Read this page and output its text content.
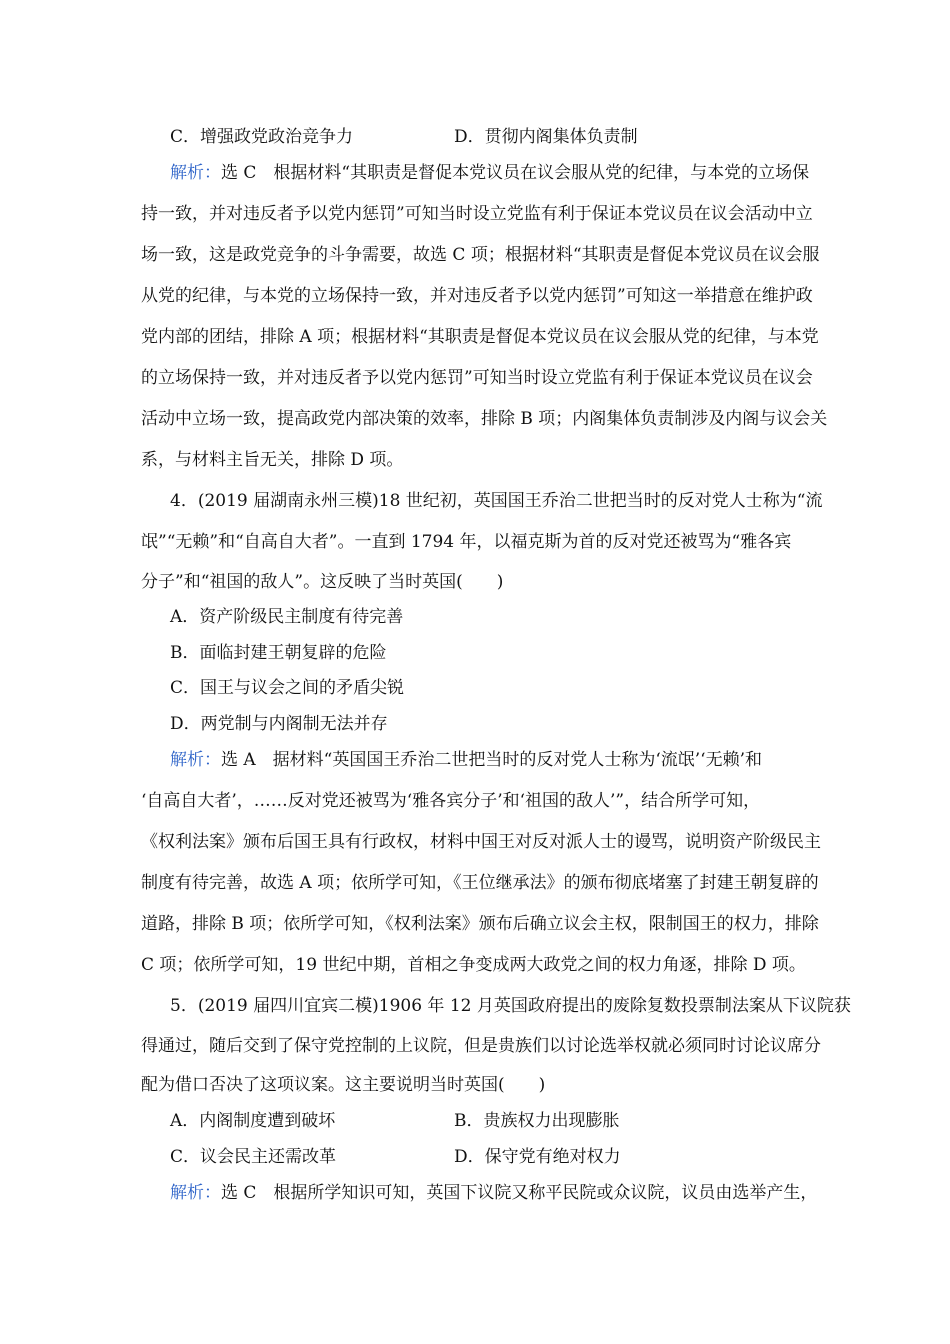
C．增强政党政治竞争力	D．贯彻内阁集体负责制
解析：选 C　根据材料“其职责是督促本党议员在议会服从党的纪律，与本党的立场保
持一致，并对违反者予以党内惩罚”可知当时设立党监有利于保证本党议员在议会活动中立
场一致，这是政党竞争的斗争需要，故选 C 项；根据材料“其职责是督促本党议员在议会服
从党的纪律，与本党的立场保持一致，并对违反者予以党内惩罚”可知这一举措意在维护政
党内部的团结，排除 A 项；根据材料“其职责是督促本党议员在议会服从党的纪律，与本党
的立场保持一致，并对违反者予以党内惩罚”可知当时设立党监有利于保证本党议员在议会
活动中立场一致，提高政党内部决策的效率，排除 B 项；内阁集体负责制涉及内阁与议会关
系，与材料主旨无关，排除 D 项。
4．(2019 届湖南永州三模)18 世纪初，英国国王乔治二世把当时的反对党人士称为“流
氓”“无赖”和“自高自大者”。一直到 1794 年，以福克斯为首的反对党还被骂为“雅各宾
分子”和“祖国的敌人”。这反映了当时英国(　　)
A．资产阶级民主制度有待完善
B．面临封建王朝复辟的危险
C．国王与议会之间的矛盾尖锐
D．两党制与内阁制无法并存
解析：选 A　据材料“英国国王乔治二世把当时的反对党人士称为‘流氓’‘无赖’和
‘自高自大者’，……反对党还被骂为‘雅各宾分子’和‘祖国的敌人’”，结合所学可知，
《权利法案》颁布后国王具有行政权，材料中国王对反对派人士的谩骂，说明资产阶级民主
制度有待完善，故选 A 项；依所学可知，《王位继承法》的颁布彻底堵塞了封建王朝复辟的
道路，排除 B 项；依所学可知，《权利法案》颁布后确立议会主权，限制国王的权力，排除
C 项；依所学可知，19 世纪中期，首相之争变成两大政党之间的权力角逐，排除 D 项。
5．(2019 届四川宜宾二模)1906 年 12 月英国政府提出的废除复数投票制法案从下议院获
得通过，随后交到了保守党控制的上议院，但是贵族们以讨论选举权就必须同时讨论议席分
配为借口否决了这项议案。这主要说明当时英国(　　)
A．内阁制度遭到破坏	B．贵族权力出现膨胀
C．议会民主还需改革	D．保守党有绝对权力
解析：选 C　根据所学知识可知，英国下议院又称平民院或众议院，议员由选举产生，
